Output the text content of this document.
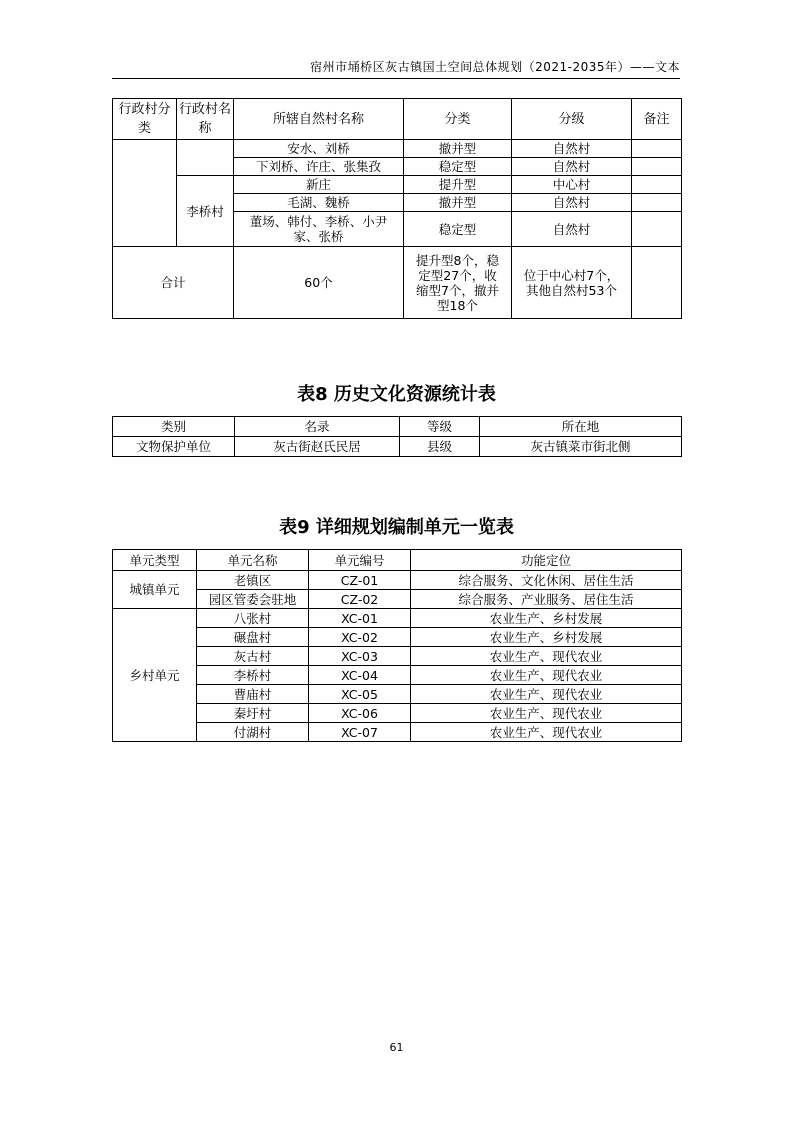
宿州市埇桥区灰古镇国土空间总体规划（2021-2035年）——文本
行政村分类	行政村名称	所辖自然村名称	分类	分级	备注
		安水、刘桥	撤并型	自然村	
		下刘桥、许庄、张集孜	稳定型	自然村	
	李桥村	新庄	提升型	中心村	
		毛湖、魏桥	撤并型	自然村	
		董场、韩付、李桥、小尹家、张桥	稳定型	自然村	
合计		60个	提升型8个，稳定型27个，收缩型7个，撤并型18个	位于中心村7个，其他自然村53个	
表8 历史文化资源统计表
类别	名录	等级	所在地
文物保护单位	灰古街赵氏民居	县级	灰古镇菜市街北侧
表9 详细规划编制单元一览表
单元类型	单元名称	单元编号	功能定位
城镇单元	老镇区	CZ-01	综合服务、文化休闲、居住生活
	园区管委会驻地	CZ-02	综合服务、产业服务、居住生活
乡村单元	八张村	XC-01	农业生产、乡村发展
	碾盘村	XC-02	农业生产、乡村发展
	灰古村	XC-03	农业生产、现代农业
	李桥村	XC-04	农业生产、现代农业
	曹庙村	XC-05	农业生产、现代农业
	秦圩村	XC-06	农业生产、现代农业
	付湖村	XC-07	农业生产、现代农业
61
